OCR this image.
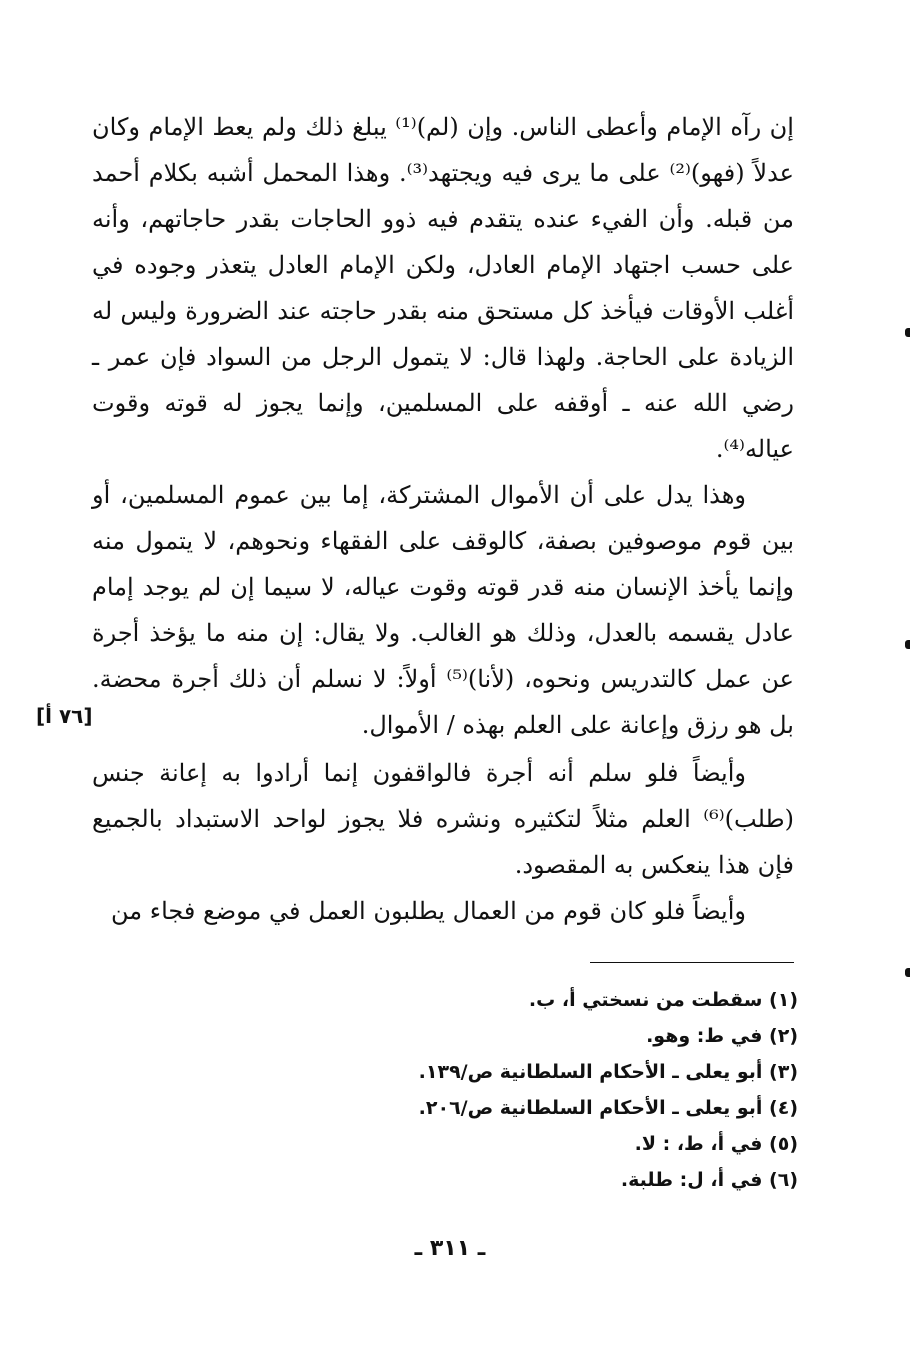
إن رآه الإمام وأعطى الناس. وإن (لم)⁽¹⁾ يبلغ ذلك ولم يعط الإمام وكان عدلاً (فهو)⁽²⁾ على ما يرى فيه ويجتهد⁽³⁾. وهذا المحمل أشبه بكلام أحمد من قبله. وأن الفيء عنده يتقدم فيه ذوو الحاجات بقدر حاجاتهم، وأنه على حسب اجتهاد الإمام العادل، ولكن الإمام العادل يتعذر وجوده في أغلب الأوقات فيأخذ كل مستحق منه بقدر حاجته عند الضرورة وليس له الزيادة على الحاجة. ولهذا قال: لا يتمول الرجل من السواد فإن عمر ـ رضي الله عنه ـ أوقفه على المسلمين، وإنما يجوز له قوته وقوت عياله⁽⁴⁾.

وهذا يدل على أن الأموال المشتركة، إما بين عموم المسلمين، أو بين قوم موصوفين بصفة، كالوقف على الفقهاء ونحوهم، لا يتمول منه وإنما يأخذ الإنسان منه قدر قوته وقوت عياله، لا سيما إن لم يوجد إمام عادل يقسمه بالعدل، وذلك هو الغالب. ولا يقال: إن منه ما يؤخذ أجرة عن عمل كالتدريس ونحوه، (لأنا)⁽⁵⁾ أولاً: لا نسلم أن ذلك أجرة محضة. بل هو رزق وإعانة على العلم بهذه / الأموال.

[٧٦ أ]

وأيضاً فلو سلم أنه أجرة فالواقفون إنما أرادوا به إعانة جنس (طلب)⁽⁶⁾ العلم مثلاً لتكثيره ونشره فلا يجوز لواحد الاستبداد بالجميع فإن هذا ينعكس به المقصود.

وأيضاً فلو كان قوم من العمال يطلبون العمل في موضع فجاء من

(١) سقطت من نسختي أ، ب.
(٢) في ط: وهو.
(٣) أبو يعلى ـ الأحكام السلطانية ص/١٣٩.
(٤) أبو يعلى ـ الأحكام السلطانية ص/٢٠٦.
(٥) في أ، ط، : لا.
(٦) في أ، ل: طلبة.
ـ ٣١١ ـ
